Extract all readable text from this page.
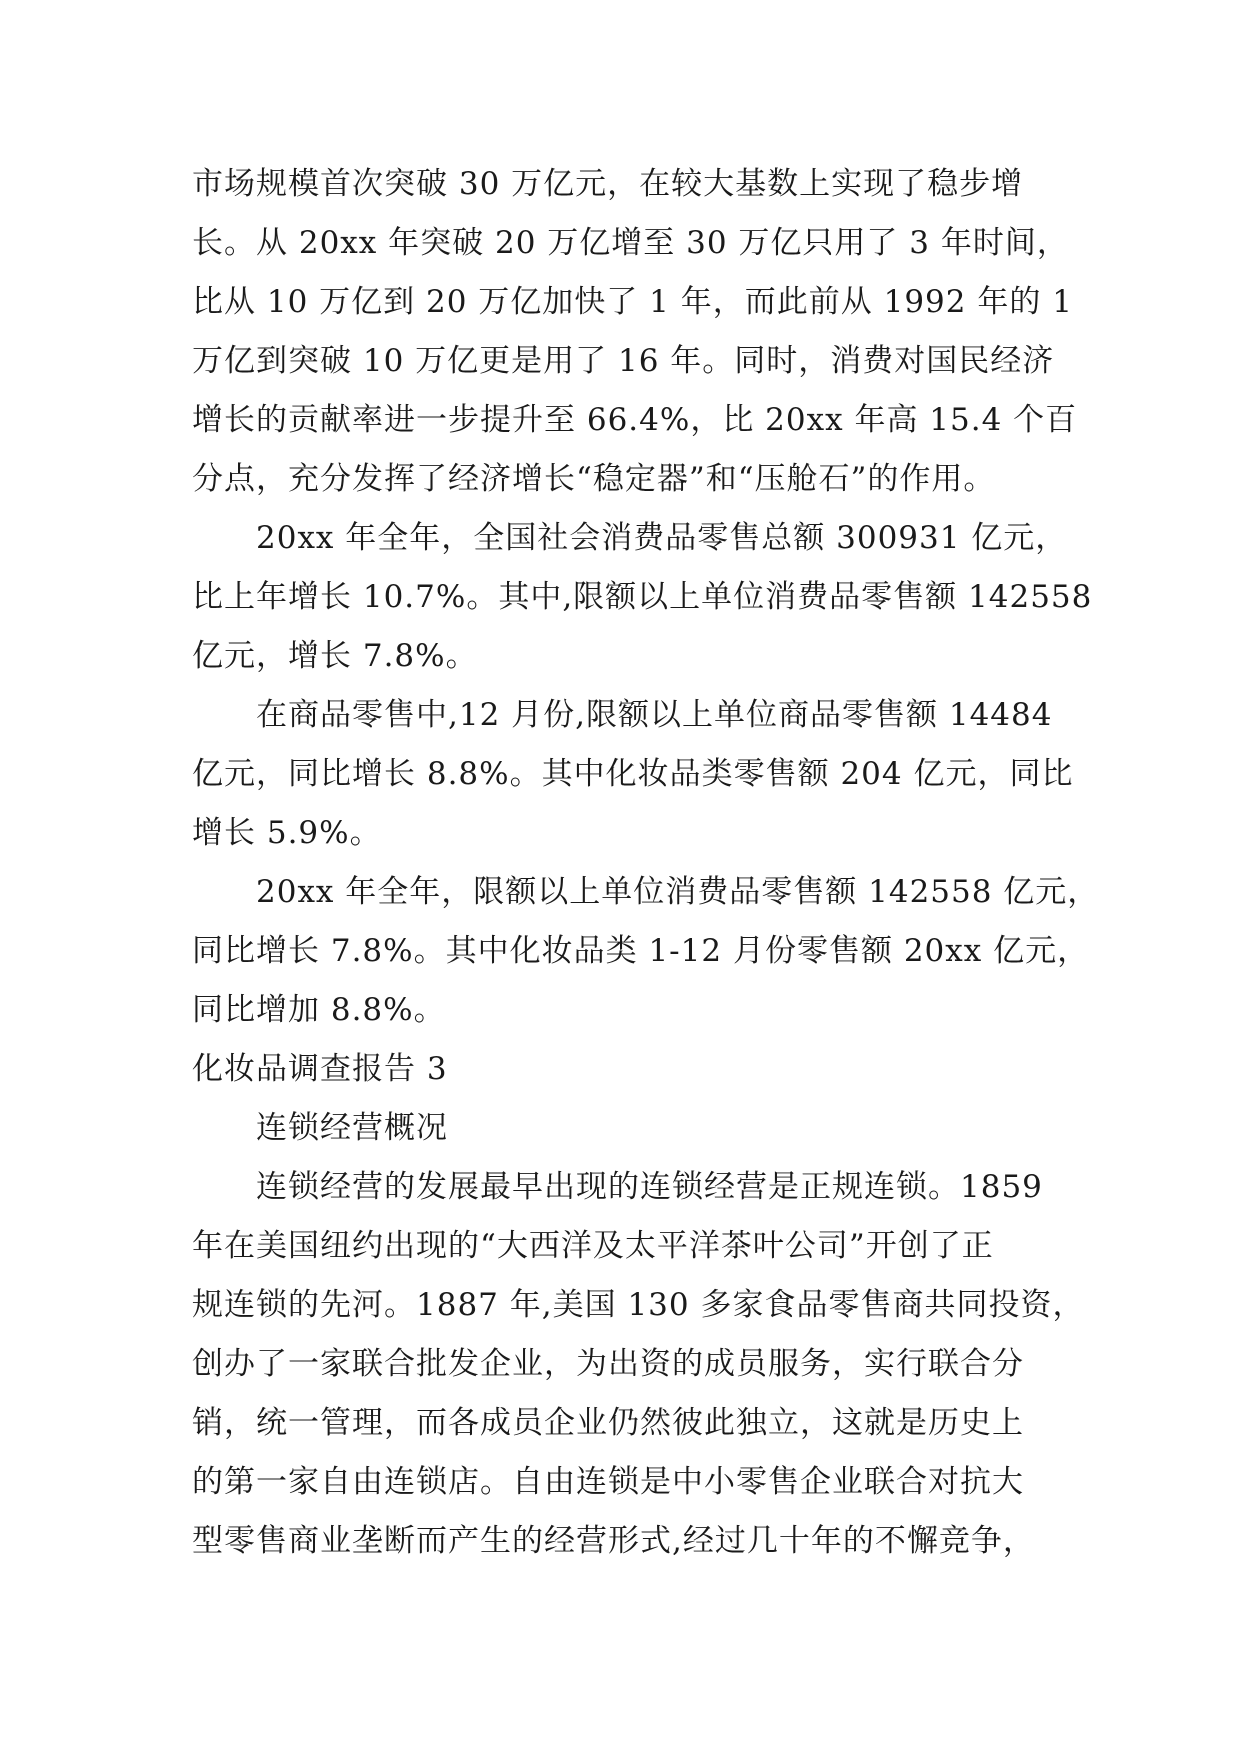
市场规模首次突破 30 万亿元，在较大基数上实现了稳步增
长。从 20xx 年突破 20 万亿增至 30 万亿只用了 3 年时间，
比从 10 万亿到 20 万亿加快了 1 年，而此前从 1992 年的 1
万亿到突破 10 万亿更是用了 16 年。同时，消费对国民经济
增长的贡献率进一步提升至 66.4%，比 20xx 年高 15.4 个百
分点，充分发挥了经济增长“稳定器”和“压舱石”的作用。
20xx 年全年，全国社会消费品零售总额 300931 亿元，
比上年增长 10.7%。其中,限额以上单位消费品零售额 142558
亿元，增长 7.8%。
在商品零售中,12 月份,限额以上单位商品零售额 14484
亿元，同比增长 8.8%。其中化妆品类零售额 204 亿元，同比
增长 5.9%。
20xx 年全年，限额以上单位消费品零售额 142558 亿元，
同比增长 7.8%。其中化妆品类 1-12 月份零售额 20xx 亿元，
同比增加 8.8%。
化妆品调查报告 3
连锁经营概况
连锁经营的发展最早出现的连锁经营是正规连锁。1859
年在美国纽约出现的“大西洋及太平洋茶叶公司”开创了正
规连锁的先河。1887 年,美国 130 多家食品零售商共同投资，
创办了一家联合批发企业，为出资的成员服务，实行联合分
销，统一管理，而各成员企业仍然彼此独立，这就是历史上
的第一家自由连锁店。自由连锁是中小零售企业联合对抗大
型零售商业垄断而产生的经营形式,经过几十年的不懈竞争，
